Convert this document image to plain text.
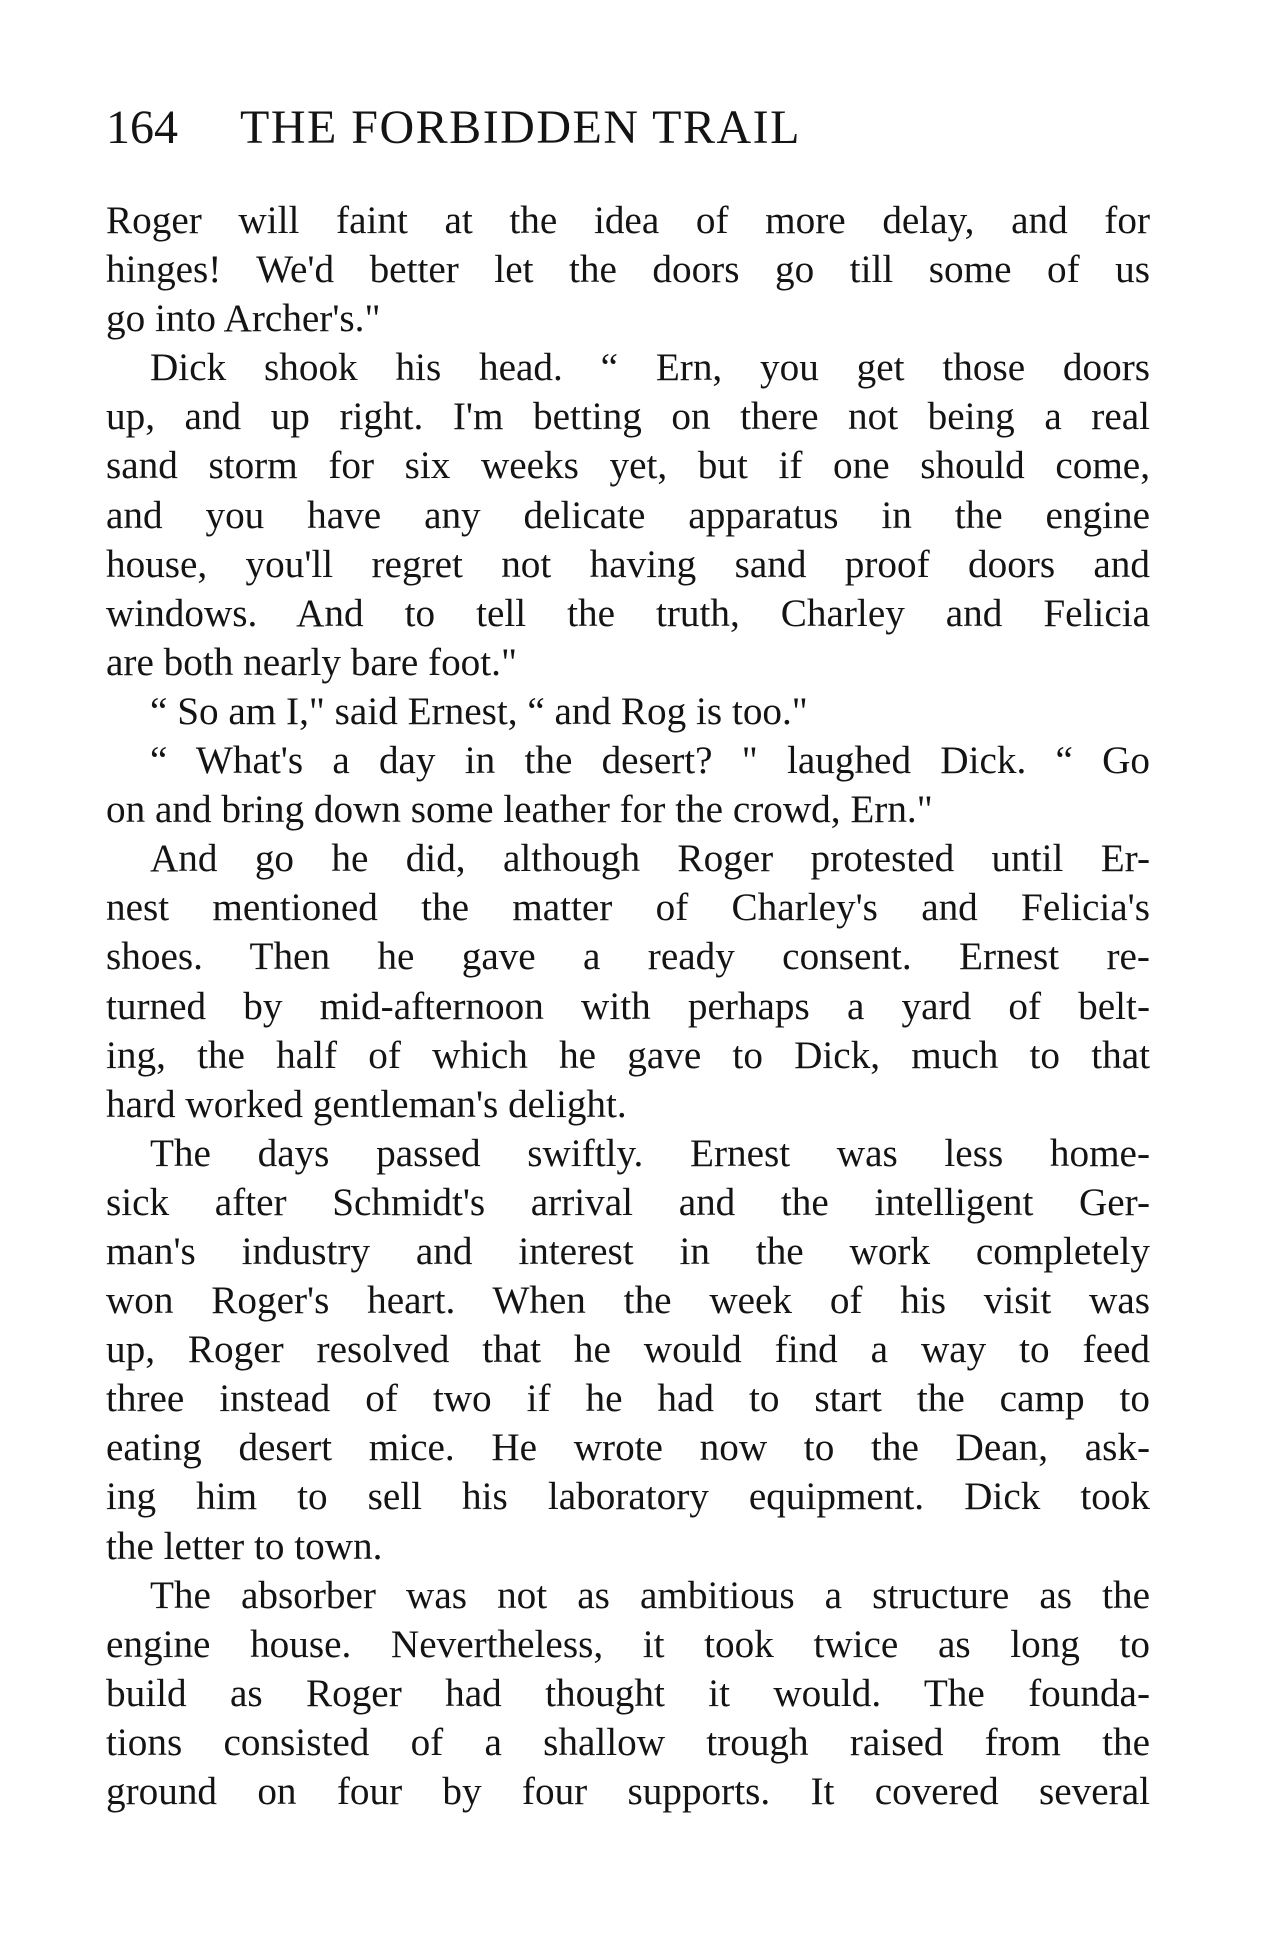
164 THE FORBIDDEN TRAIL
Roger will faint at the idea of more delay, and for
hinges! We'd better let the doors go till some of us
go into Archer's."
Dick shook his head. “ Ern, you get those doors
up, and up right. I'm betting on there not being a real
sand storm for six weeks yet, but if one should come,
and you have any delicate apparatus in the engine
house, you'll regret not having sand proof doors and
windows. And to tell the truth, Charley and Felicia
are both nearly bare foot."
“ So am I," said Ernest, “ and Rog is too."
“ What's a day in the desert? " laughed Dick. “ Go
on and bring down some leather for the crowd, Ern."
And go he did, although Roger protested until Er-
nest mentioned the matter of Charley's and Felicia's
shoes. Then he gave a ready consent. Ernest re-
turned by mid-afternoon with perhaps a yard of belt-
ing, the half of which he gave to Dick, much to that
hard worked gentleman's delight.
The days passed swiftly. Ernest was less home-
sick after Schmidt's arrival and the intelligent Ger-
man's industry and interest in the work completely
won Roger's heart. When the week of his visit was
up, Roger resolved that he would find a way to feed
three instead of two if he had to start the camp to
eating desert mice. He wrote now to the Dean, ask-
ing him to sell his laboratory equipment. Dick took
the letter to town.
The absorber was not as ambitious a structure as the
engine house. Nevertheless, it took twice as long to
build as Roger had thought it would. The founda-
tions consisted of a shallow trough raised from the
ground on four by four supports. It covered several
